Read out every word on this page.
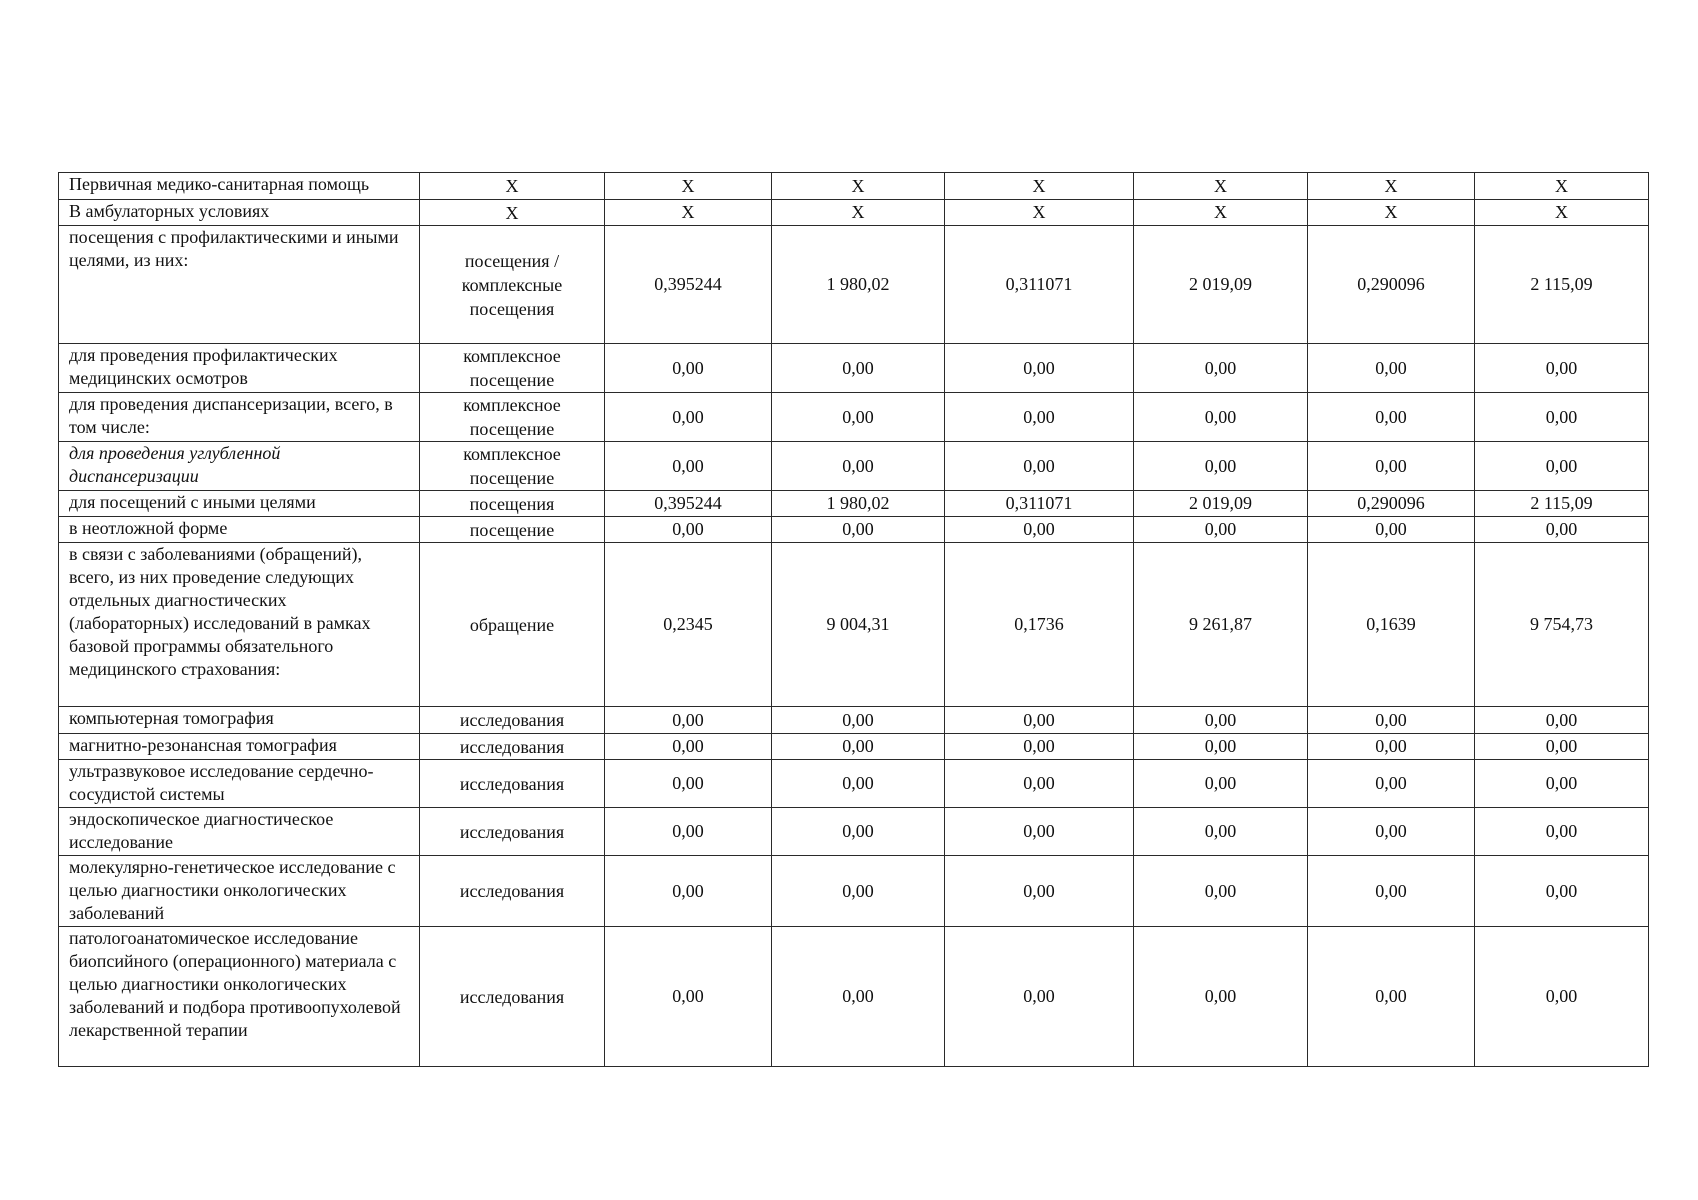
Первичная медико-санитарная помощь	Х	Х	Х	Х	Х	Х	Х
В амбулаторных условиях	Х	Х	Х	Х	Х	Х	Х
посещения с профилактическими и иными целями, из них:	посещения / комплексные посещения	0,395244	1 980,02	0,311071	2 019,09	0,290096	2 115,09
для проведения профилактических медицинских осмотров	комплексное посещение	0,00	0,00	0,00	0,00	0,00	0,00
для проведения диспансеризации, всего, в том числе:	комплексное посещение	0,00	0,00	0,00	0,00	0,00	0,00
для проведения углубленной диспансеризации	комплексное посещение	0,00	0,00	0,00	0,00	0,00	0,00
для посещений с иными целями	посещения	0,395244	1 980,02	0,311071	2 019,09	0,290096	2 115,09
в неотложной форме	посещение	0,00	0,00	0,00	0,00	0,00	0,00
в связи с заболеваниями (обращений), всего, из них проведение следующих отдельных диагностических (лабораторных) исследований в рамках базовой программы обязательного медицинского страхования:	обращение	0,2345	9 004,31	0,1736	9 261,87	0,1639	9 754,73
компьютерная томография	исследования	0,00	0,00	0,00	0,00	0,00	0,00
магнитно-резонансная томография	исследования	0,00	0,00	0,00	0,00	0,00	0,00
ультразвуковое исследование сердечно-сосудистой системы	исследования	0,00	0,00	0,00	0,00	0,00	0,00
эндоскопическое диагностическое исследование	исследования	0,00	0,00	0,00	0,00	0,00	0,00
молекулярно-генетическое исследование с целью диагностики онкологических заболеваний	исследования	0,00	0,00	0,00	0,00	0,00	0,00
патологоанатомическое исследование биопсийного (операционного) материала с целью диагностики онкологических заболеваний и подбора противоопухолевой лекарственной терапии	исследования	0,00	0,00	0,00	0,00	0,00	0,00
